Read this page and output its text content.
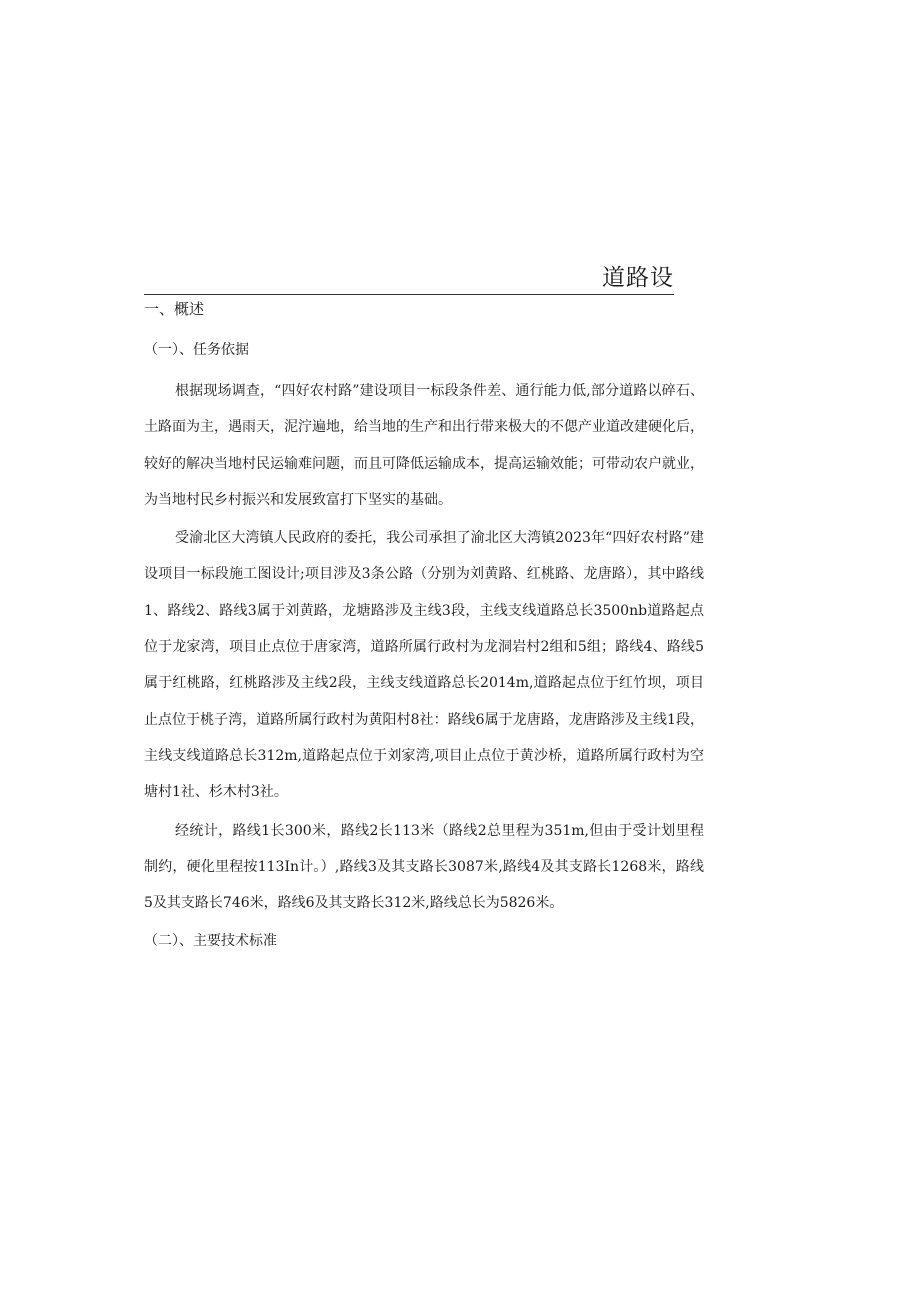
道路设
一、概述
（一）、任务依据

根据现场调查，“四好农村路”建设项目一标段条件差、通行能力低,部分道路以碎石、土路面为主，遇雨天，泥泞遍地，给当地的生产和出行带来极大的不偲产业道改建硬化后，较好的解决当地村民运输难问题，而且可降低运输成本，提高运输效能；可带动农户就业，为当地村民乡村振兴和发展致富打下坚实的基础。

受渝北区大湾镇人民政府的委托，我公司承担了渝北区大湾镇2023年“四好农村路”建设项目一标段施工图设计;项目涉及3条公路（分别为刘黄路、红桃路、龙唐路），其中路线1、路线2、路线3属于刘黄路，龙塘路涉及主线3段，主线支线道路总长3500nb道路起点位于龙家湾，项目止点位于唐家湾，道路所属行政村为龙洞岩村2组和5组；路线4、路线5属于红桃路，红桃路涉及主线2段，主线支线道路总长2014m,道路起点位于红竹坝，项目止点位于桃子湾，道路所属行政村为黄阳村8社：路线6属于龙唐路，龙唐路涉及主线1段，主线支线道路总长312m,道路起点位于刘家湾,项目止点位于黄沙桥，道路所属行政村为空塘村1社、杉木村3社。

经统计，路线1长300米，路线2长113米（路线2总里程为351m,但由于受计划里程制约，硬化里程按113In计。）,路线3及其支路长3087米,路线4及其支路长1268米，路线5及其支路长746米，路线6及其支路长312米,路线总长为5826米。

（二）、主要技术标准
